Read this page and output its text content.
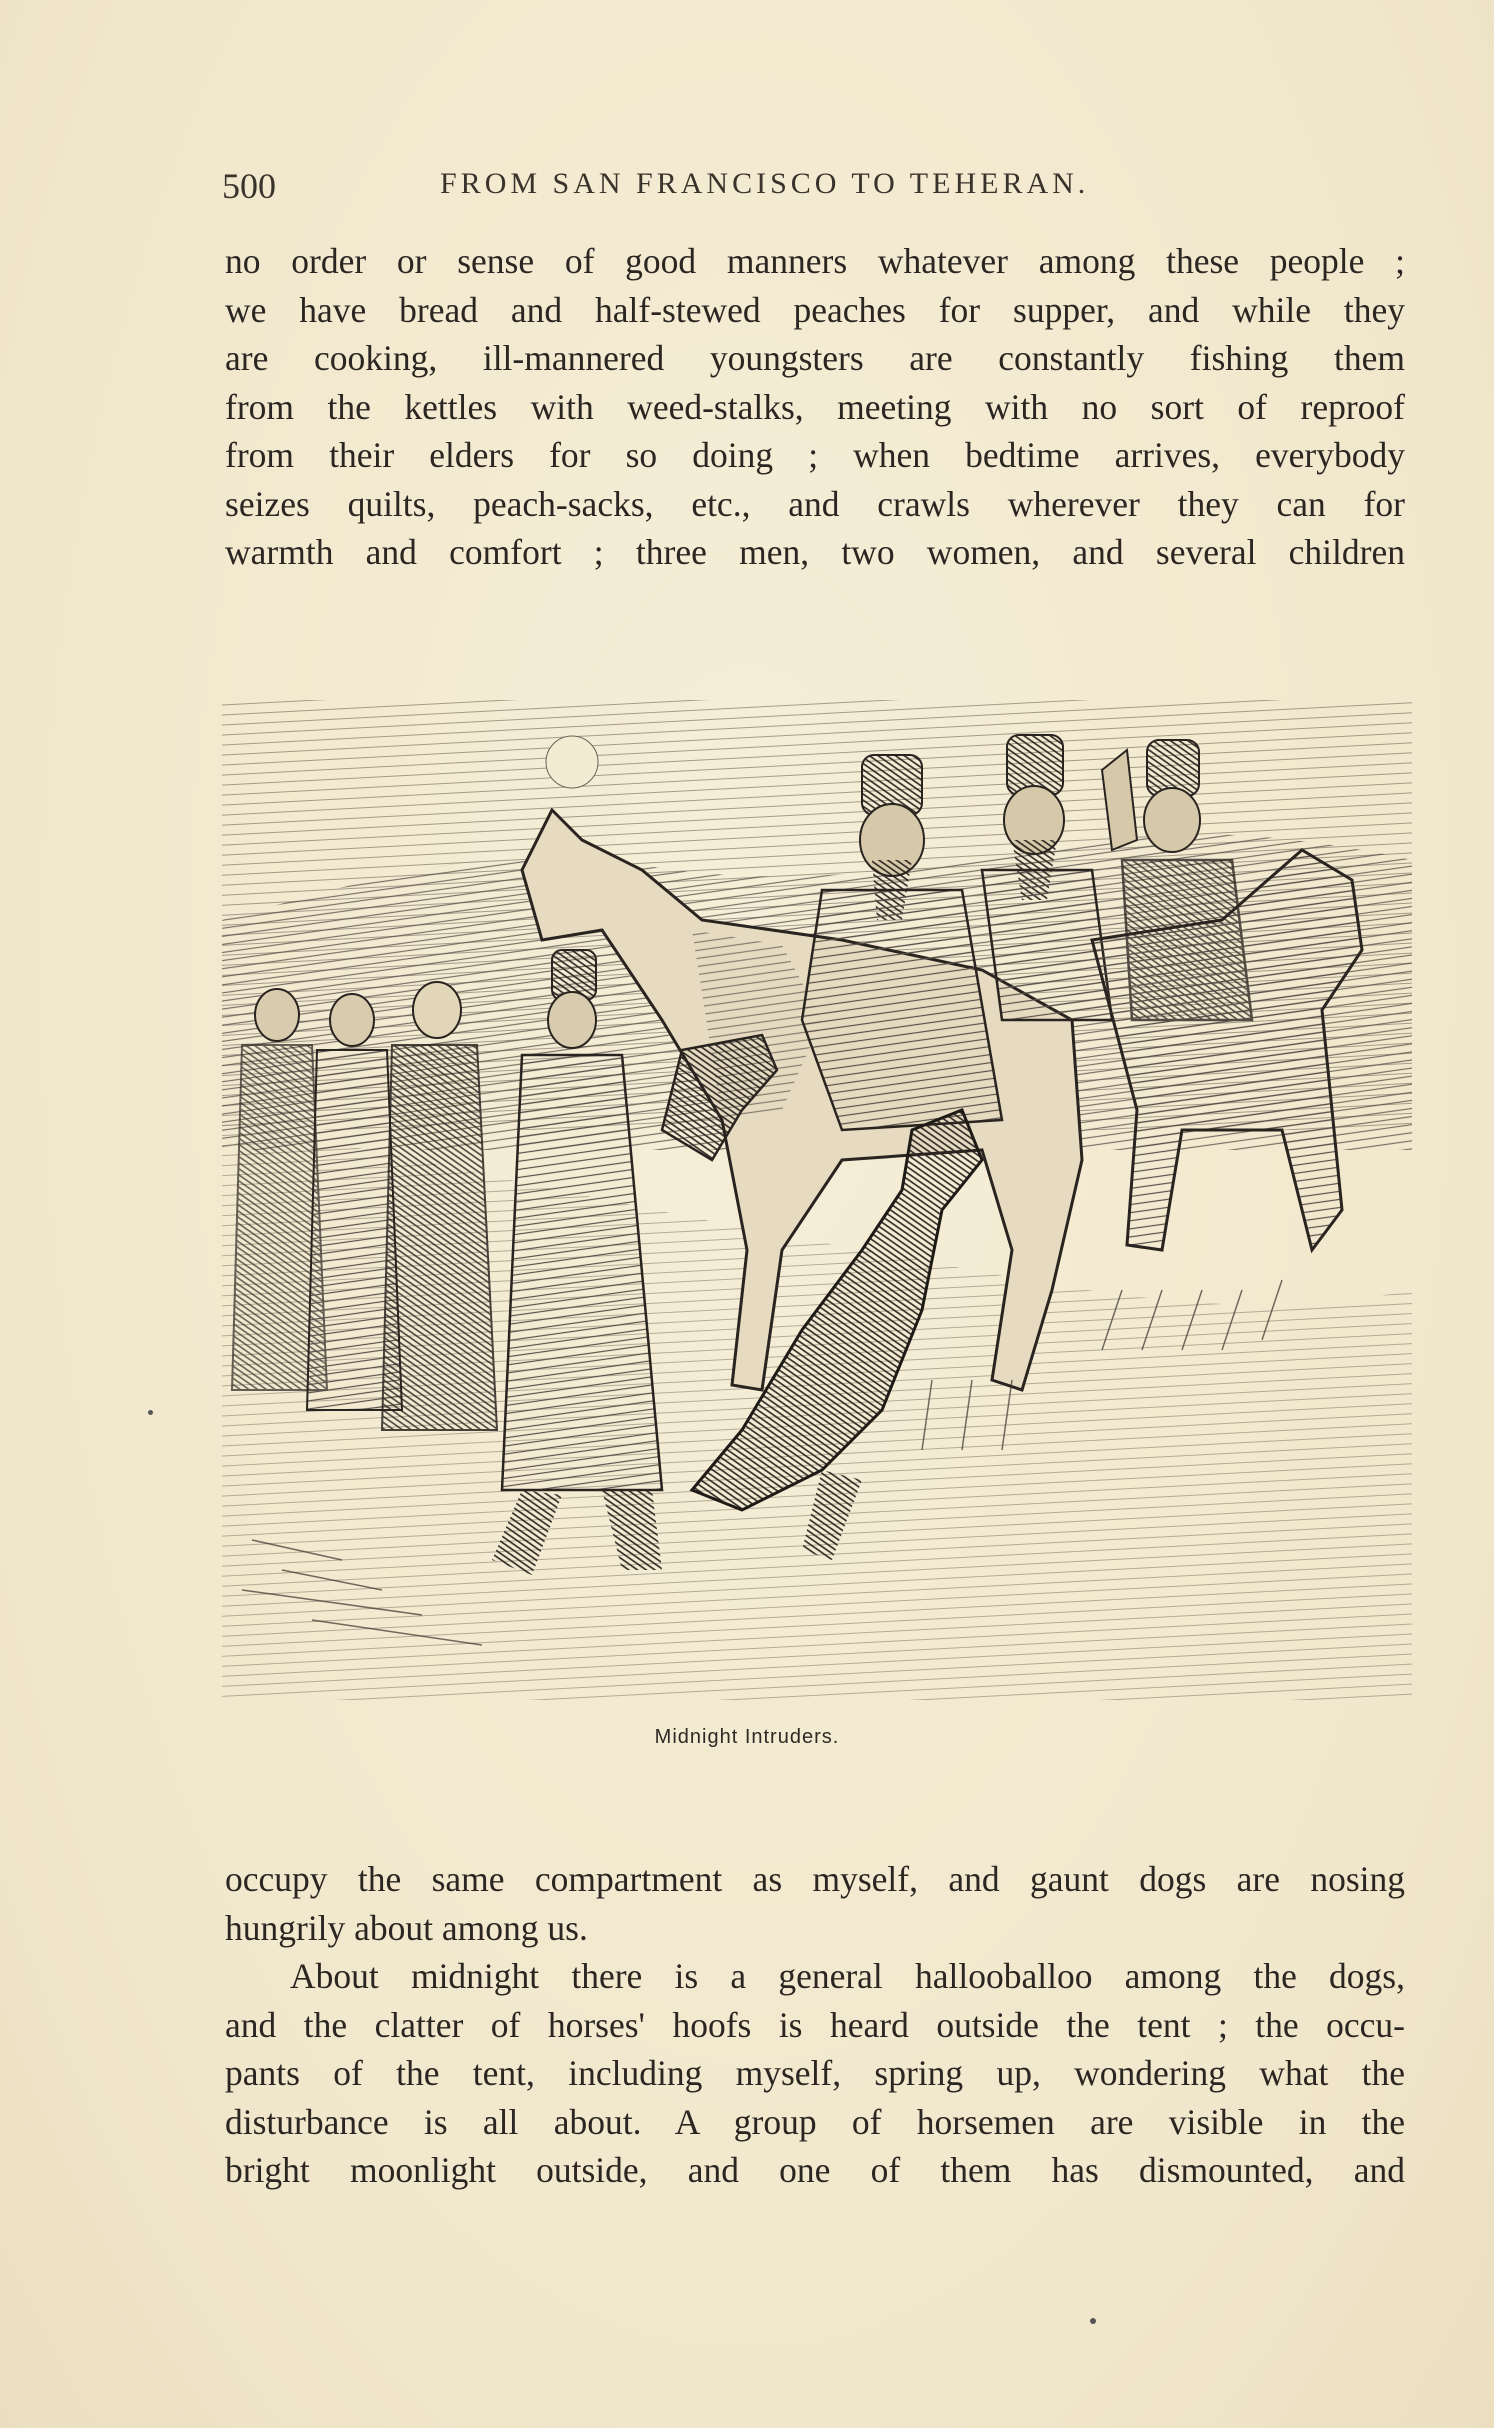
500	FROM SAN FRANCISCO TO TEHERAN.
no order or sense of good manners whatever among these people ;
we have bread and half-stewed peaches for supper, and while they
are cooking, ill-mannered youngsters are constantly fishing them
from the kettles with weed-stalks, meeting with no sort of reproof
from their elders for so doing ; when bedtime arrives, everybody
seizes quilts, peach-sacks, etc., and crawls wherever they can for
warmth and comfort ; three men, two women, and several children
Midnight Intruders.
occupy the same compartment as myself, and gaunt dogs are nosing
hungrily about among us.
About midnight there is a general hallooballoo among the dogs,
and the clatter of horses' hoofs is heard outside the tent ; the occu-
pants of the tent, including myself, spring up, wondering what the
disturbance is all about. A group of horsemen are visible in the
bright moonlight outside, and one of them has dismounted, and
